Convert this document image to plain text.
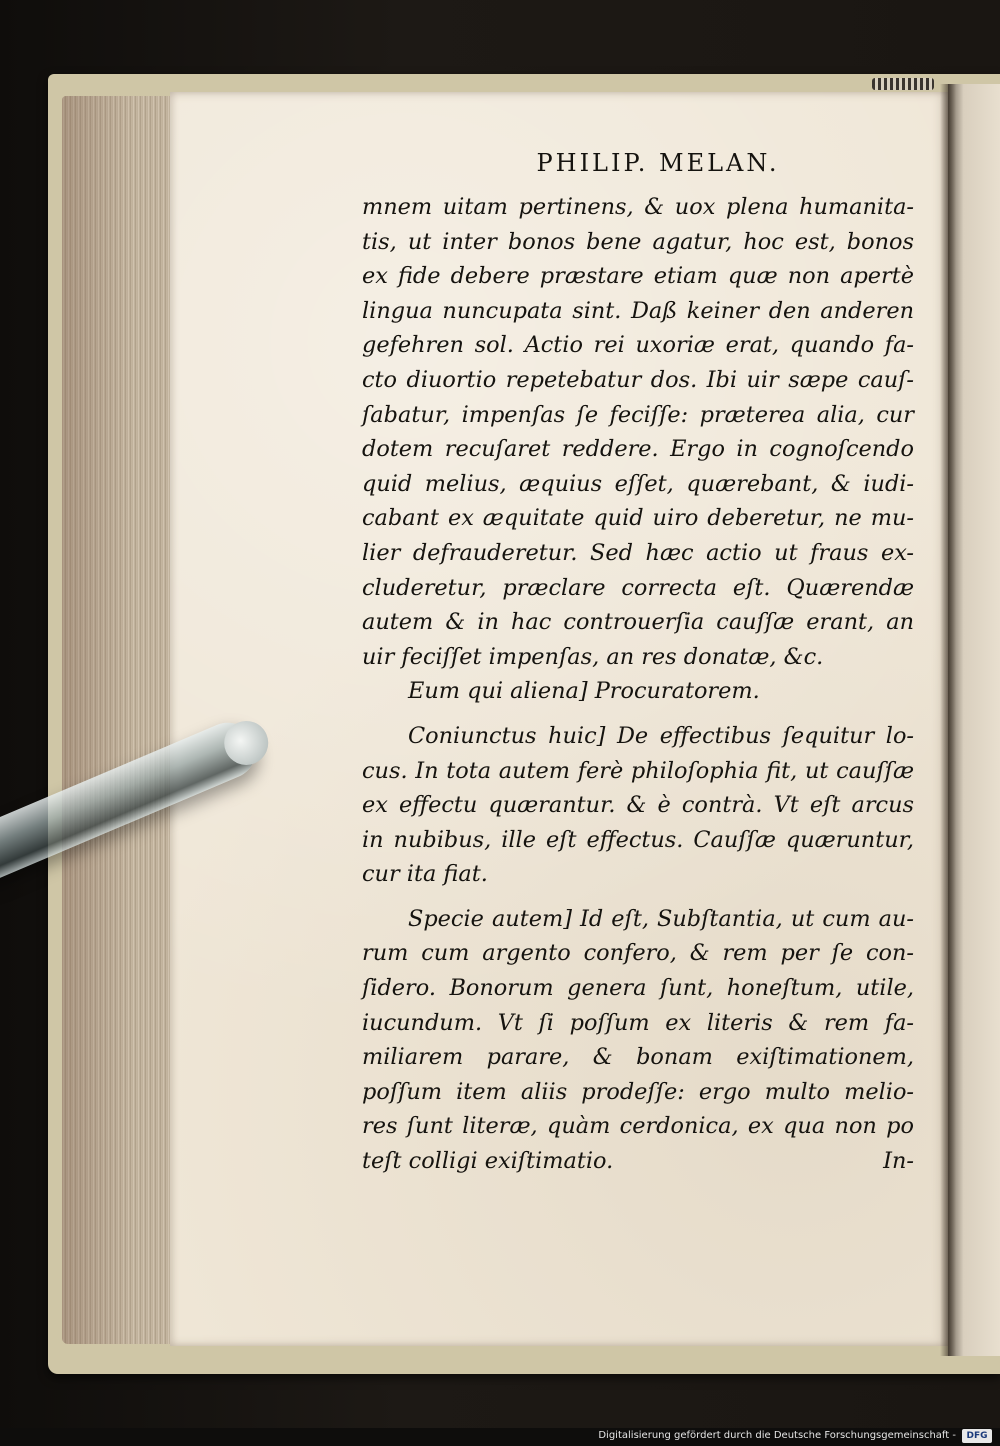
PHILIP. MELAN.
mnem uitam pertinens, & uox plena humanita-
tis, ut inter bonos bene agatur, hoc est, bonos
ex fide debere præstare etiam quæ non apertè
lingua nuncupata sint. Daß keiner den anderen
gefehren sol. Actio rei uxoriæ erat, quando fa-
cto diuortio repetebatur dos. Ibi uir sæpe cauſ-
ſabatur, impenſas ſe feciſſe: prӕterea alia, cur
dotem recuſaret reddere. Ergo in cognoſcendo
quid melius, æquius eſſet, quærebant, & iudi-
cabant ex æquitate quid uiro deberetur, ne mu-
lier defrauderetur. Sed hæc actio ut fraus ex-
cluderetur, præclare correcta eſt. Quærendæ
autem & in hac controuerſia cauſſæ erant, an
uir feciſſet impenſas, an res donatæ, &c.
Eum qui aliena] Procuratorem.
Coniunctus huic] De effectibus ſequitur lo-
cus. In tota autem ferè philoſophia fit, ut cauſſæ
ex effectu quærantur. & è contrà. Vt eſt arcus
in nubibus, ille eſt effectus. Cauſſæ quæruntur,
cur ita fiat.
Specie autem] Id eſt, Subſtantia, ut cum au-
rum cum argento confero, & rem per ſe con-
ſidero. Bonorum genera ſunt, honeſtum, utile,
iucundum. Vt ſi poſſum ex literis & rem fa-
miliarem parare, & bonam exiſtimationem,
poſſum item aliis prodeſſe: ergo multo melio-
res ſunt literæ, quàm cerdonica, ex qua non po
teſt colligi exiſtimatio.	In-
Digitalisierung gefördert durch die Deutsche Forschungsgemeinschaft -	DFG
